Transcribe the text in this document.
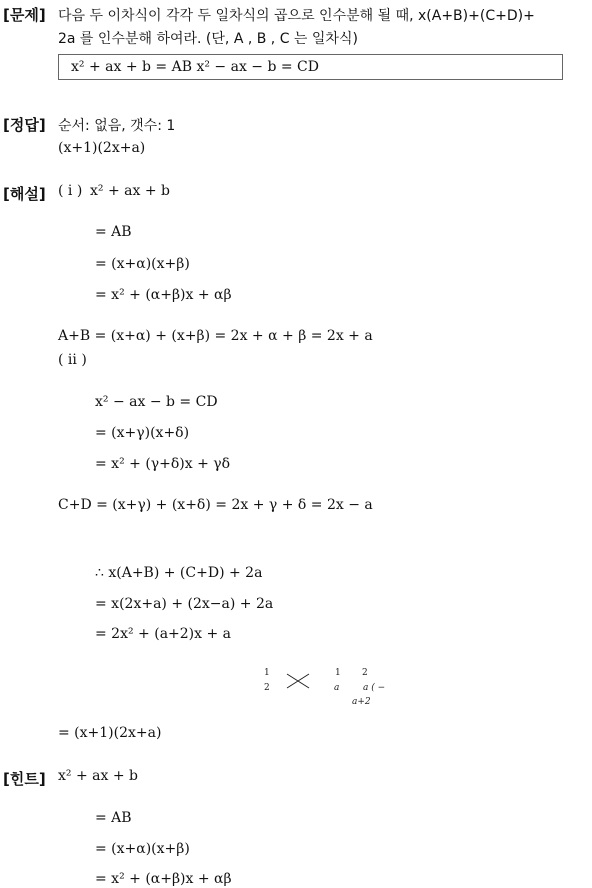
[문제] 다음 두 이차식이 각각 두 일차식의 곱으로 인수분해 될 때, x(A+B)+(C+D)+
2a 를 인수분해 하여라. (단, A , B , C 는 일차식)
x² + ax + b = AB x² − ax − b = CD
[정답] 순서: 없음, 갯수: 1
(x+1)(2x+a)
[해설] ( i ) x² + ax + b
= AB
= (x+α)(x+β)
= x² + (α+β)x + αβ
A+B = (x+α) + (x+β) = 2x + α + β = 2x + a
( ii )
x² − ax − b = CD
= (x+γ)(x+δ)
= x² + (γ+δ)x + γδ
C+D = (x+γ) + (x+δ) = 2x + γ + δ = 2x − a
∴ x(A+B) + (C+D) + 2a
= x(2x+a) + (2x−a) + 2a
= 2x² + (a+2)x + a
1
2
1 2
a	a ( −
a+2
= (x+1)(2x+a)
[힌트] x² + ax + b
= AB
= (x+α)(x+β)
= x² + (α+β)x + αβ
